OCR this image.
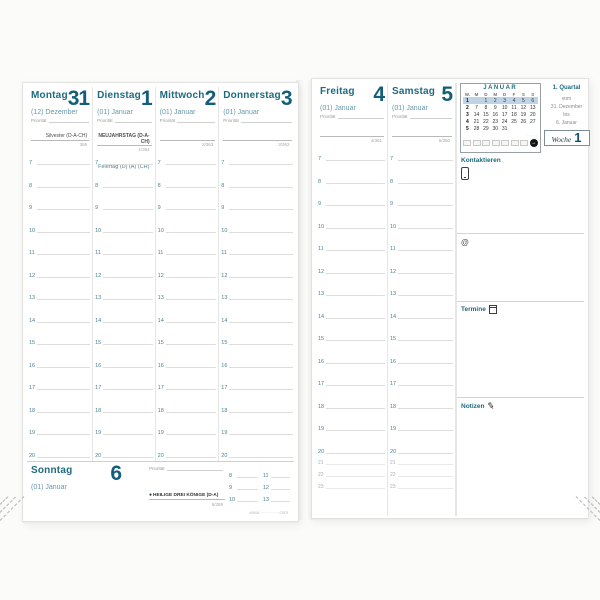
Montag 31
(12) Dezember
Priorität
Silvester (D-A-CH)
365
7
8
9
10
11
12
13
14
15
16
17
18
19
20
Dienstag 1
(01) Januar
Priorität
NEUJAHRSTAG (D-A-CH)
1/364
Feiertag (D) (A) (CH)
7
8
9
10
11
12
13
14
15
16
17
18
19
20
Mittwoch 2
(01) Januar
Priorität
2/363
7
8
9
10
11
12
13
14
15
16
17
18
19
20
Donnerstag 3
(01) Januar
Priorität
3/362
7
8
9
10
11
12
13
14
15
16
17
18
19
20
Sonntag 6
(01) Januar
Priorität
●HEILIGE DREI KÖNIGE (D-A)
6/359
8
9
10
11
12
13
www.············.com
Freitag 4
(01) Januar
Priorität
4/361
21
22
23
7
8
9
10
11
12
13
14
15
16
17
18
19
20
Samstag 5
(01) Januar
Priorität
5/360
21
22
23
7
8
9
10
11
12
13
14
15
16
17
18
19
20
JANUAR
W.	M	D	M	D	F	S	S
1		1	2	3	4	5	6
2	7	8	9	10	11	12	13
3	14	15	16	17	18	19	20
4	21	22	23	24	25	26	27
5	28	29	30	31			
· · · · ·
→
1. Quartal
vom
31. Dezember
bis
6. Januar
Woche 1
Kontaktieren
@
Termine
Notizen ✎
